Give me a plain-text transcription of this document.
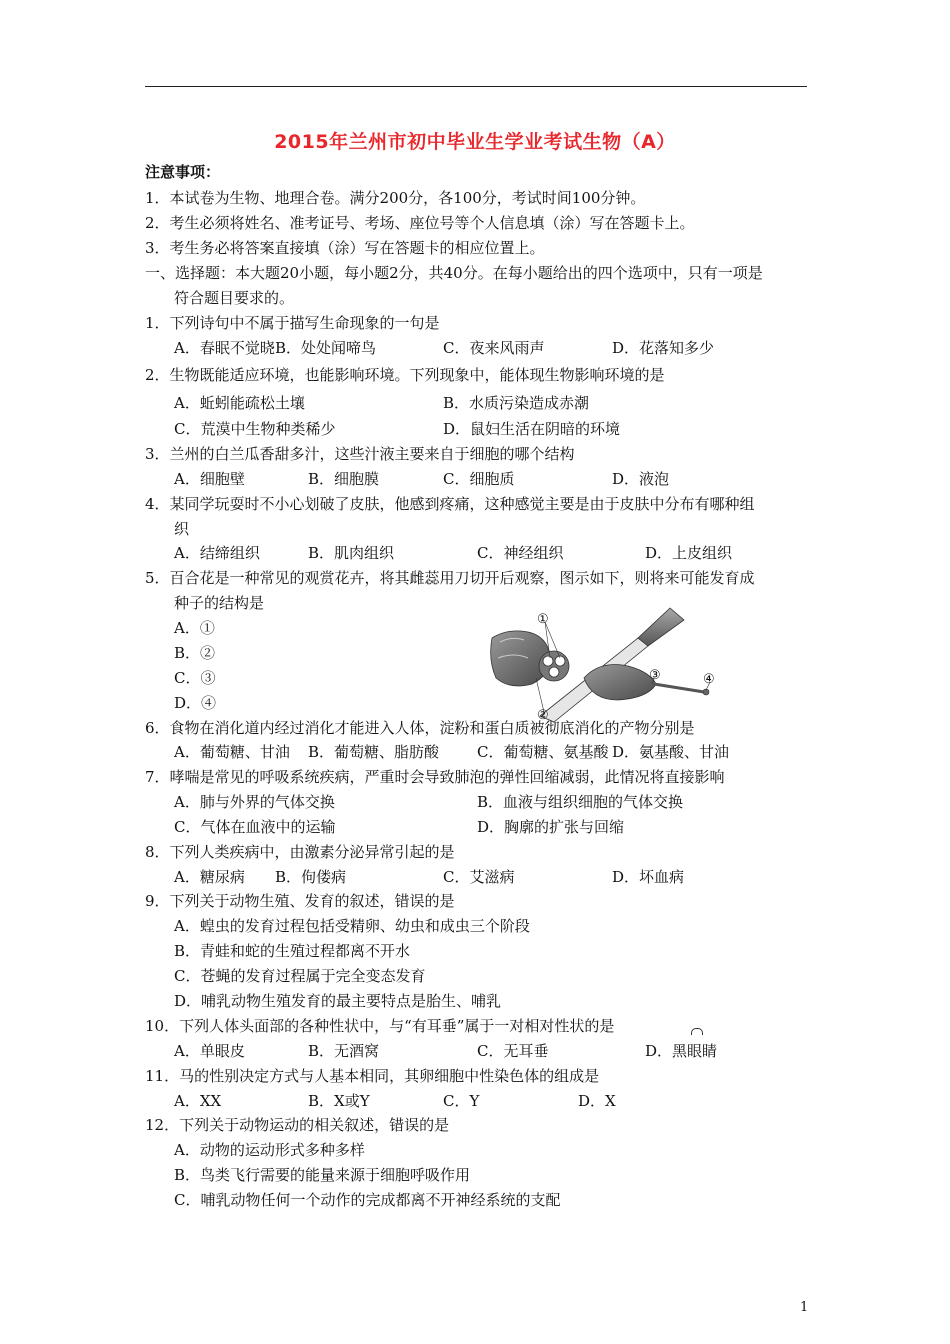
2015年兰州市初中毕业生学业考试生物（A）
注意事项：
1．本试卷为生物、地理合卷。满分200分，各100分，考试时间100分钟。
2．考生必须将姓名、准考证号、考场、座位号等个人信息填（涂）写在答题卡上。
3．考生务必将答案直接填（涂）写在答题卡的相应位置上。
一、选择题：本大题20小题，每小题2分，共40分。在每小题给出的四个选项中，只有一项是
符合题目要求的。
1．下列诗句中不属于描写生命现象的一句是
A．春眠不觉晓 B．处处闻啼鸟	C．夜来风雨声	D．花落知多少
2．生物既能适应环境，也能影响环境。下列现象中，能体现生物影响环境的是
A．蚯蚓能疏松土壤	B．水质污染造成赤潮
C．荒漠中生物种类稀少	D．鼠妇生活在阴暗的环境
3．兰州的白兰瓜香甜多汁，这些汁液主要来自于细胞的哪个结构
A．细胞壁	B．细胞膜	C．细胞质	D．液泡
4．某同学玩耍时不小心划破了皮肤，他感到疼痛，这种感觉主要是由于皮肤中分布有哪种组
织
A．结缔组织	B．肌肉组织	C．神经组织	D．上皮组织
5．百合花是一种常见的观赏花卉，将其雌蕊用刀切开后观察，图示如下，则将来可能发育成
种子的结构是
A．①
B．②
C．③
D．④
①
②
③	④
6．食物在消化道内经过消化才能进入人体，淀粉和蛋白质被彻底消化的产物分别是
A．葡萄糖、甘油 B．葡萄糖、脂肪酸	C．葡萄糖、氨基酸 D．氨基酸、甘油
7．哮喘是常见的呼吸系统疾病，严重时会导致肺泡的弹性回缩减弱，此情况将直接影响
A．肺与外界的气体交换	B．血液与组织细胞的气体交换
C．气体在血液中的运输	D．胸廓的扩张与回缩
8．下列人类疾病中，由激素分泌异常引起的是
A．糖尿病 B．佝偻病	C．艾滋病	D．坏血病
9．下列关于动物生殖、发育的叙述，错误的是
A．蝗虫的发育过程包括受精卵、幼虫和成虫三个阶段
B．青蛙和蛇的生殖过程都离不开水
C．苍蝇的发育过程属于完全变态发育
D．哺乳动物生殖发育的最主要特点是胎生、哺乳
10．下列人体头面部的各种性状中，与“有耳垂”属于一对相对性状的是
A．单眼皮	B．无酒窝	C．无耳垂	D．黑眼睛
11．马的性别决定方式与人基本相同，其卵细胞中性染色体的组成是
A．XX	B．X或Y	C．Y	D．X
12．下列关于动物运动的相关叙述，错误的是
A．动物的运动形式多种多样
B．鸟类飞行需要的能量来源于细胞呼吸作用
C．哺乳动物任何一个动作的完成都离不开神经系统的支配
1
